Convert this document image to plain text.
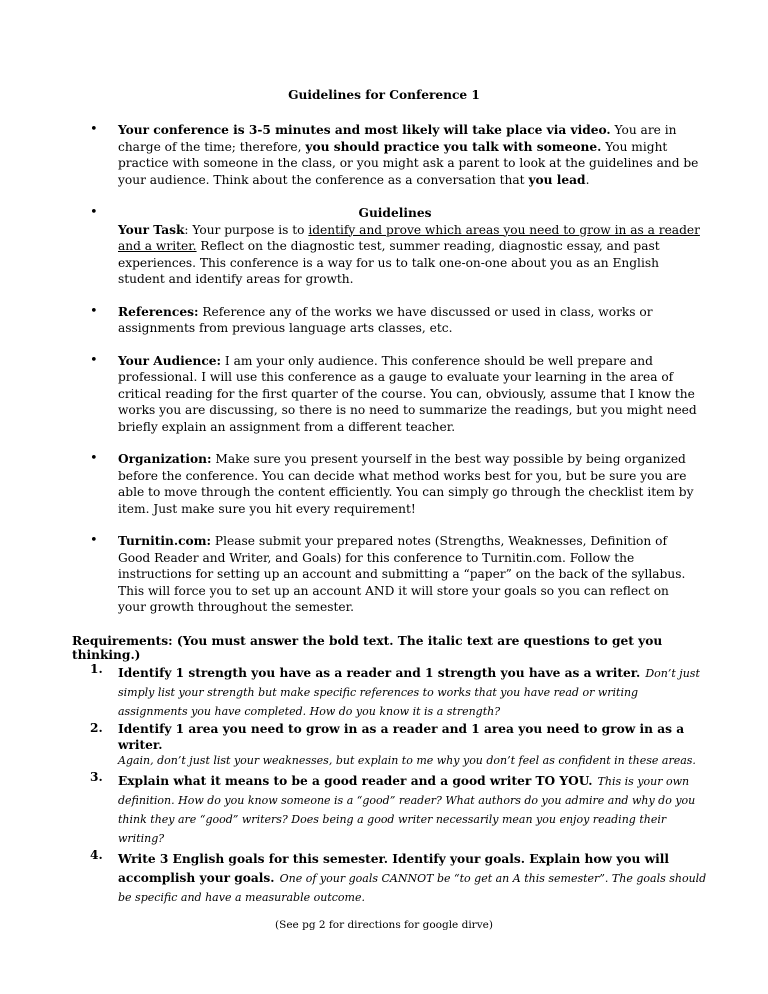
Guidelines for Conference 1
• Your conference is 3-5 minutes and most likely will take place via video. You are in charge of the time; therefore, you should practice you talk with someone. You might practice with someone in the class, or you might ask a parent to look at the guidelines and be your audience. Think about the conference as a conversation that you lead.
• Guidelines
Your Task: Your purpose is to identify and prove which areas you need to grow in as a reader and a writer. Reflect on the diagnostic test, summer reading, diagnostic essay, and past experiences. This conference is a way for us to talk one-on-one about you as an English student and identify areas for growth.
• References: Reference any of the works we have discussed or used in class, works or assignments from previous language arts classes, etc.
• Your Audience: I am your only audience. This conference should be well prepare and professional. I will use this conference as a gauge to evaluate your learning in the area of critical reading for the first quarter of the course. You can, obviously, assume that I know the works you are discussing, so there is no need to summarize the readings, but you might need briefly explain an assignment from a different teacher.
• Organization: Make sure you present yourself in the best way possible by being organized before the conference. You can decide what method works best for you, but be sure you are able to move through the content efficiently. You can simply go through the checklist item by item. Just make sure you hit every requirement!
• Turnitin.com: Please submit your prepared notes (Strengths, Weaknesses, Definition of Good Reader and Writer, and Goals) for this conference to Turnitin.com. Follow the instructions for setting up an account and submitting a “paper” on the back of the syllabus. This will force you to set up an account AND it will store your goals so you can reflect on your growth throughout the semester.
Requirements: (You must answer the bold text. The italic text are questions to get you thinking.)
1. Identify 1 strength you have as a reader and 1 strength you have as a writer. Don’t just simply list your strength but make specific references to works that you have read or writing assignments you have completed. How do you know it is a strength?
2. Identify 1 area you need to grow in as a reader and 1 area you need to grow in as a writer.
Again, don’t just list your weaknesses, but explain to me why you don’t feel as confident in these areas.
3. Explain what it means to be a good reader and a good writer TO YOU. This is your own definition. How do you know someone is a “good” reader? What authors do you admire and why do you think they are “good” writers? Does being a good writer necessarily mean you enjoy reading their writing?
4. Write 3 English goals for this semester. Identify your goals. Explain how you will accomplish your goals. One of your goals CANNOT be “to get an A this semester”. The goals should be specific and have a measurable outcome.
(See pg 2 for directions for google dirve)
